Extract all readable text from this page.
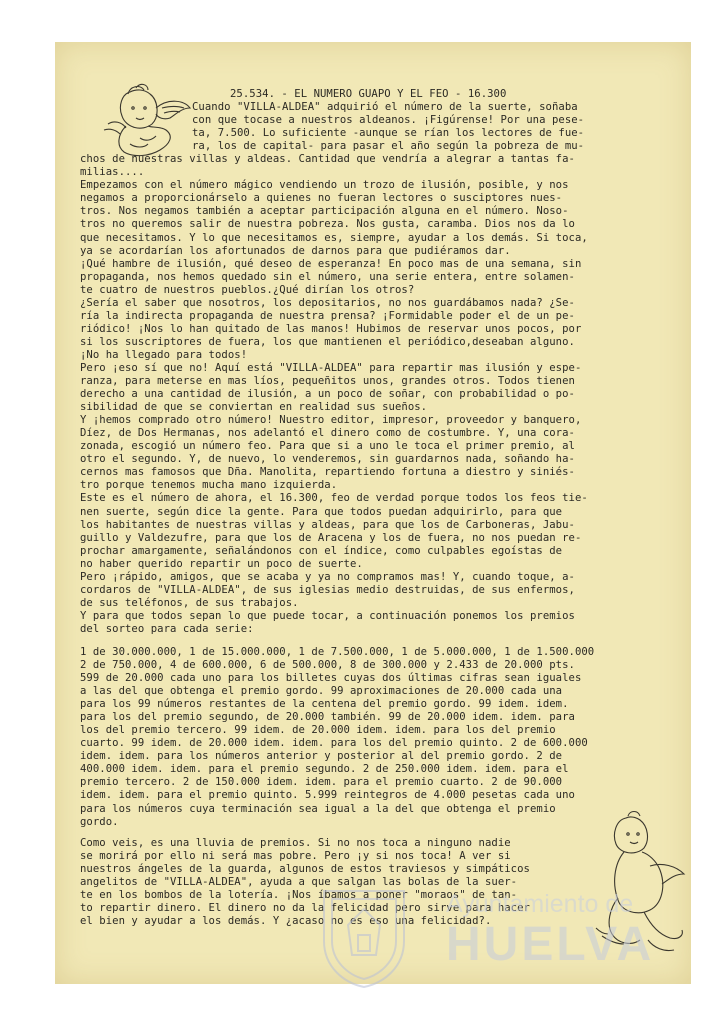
25.534. - EL NUMERO GUAPO Y EL FEO - 16.300
Cuando "VILLA-ALDEA" adquirió el número de la suerte, soñaba
con que tocase a nuestros aldeanos. ¡Figúrense! Por una pese-
ta, 7.500. Lo suficiente -aunque se rían los lectores de fue-
ra, los de capital- para pasar el año según la pobreza de mu-
chos de nuestras villas y aldeas. Cantidad que vendría a alegrar a tantas fa-
milias....
Empezamos con el número mágico vendiendo un trozo de ilusión, posible, y nos
negamos a proporcionárselo a quienes no fueran lectores o susciptores nues-
tros. Nos negamos también a aceptar participación alguna en el número. Noso-
tros no queremos salir de nuestra pobreza. Nos gusta, caramba. Dios nos da lo
que necesitamos. Y lo que necesitamos es, siempre, ayudar a los demás. Si toca,
ya se acordarían los afortunados de darnos para que pudiéramos dar.
¡Qué hambre de ilusión, qué deseo de esperanza! En poco mas de una semana, sin
propaganda, nos hemos quedado sin el número, una serie entera, entre solamen-
te cuatro de nuestros pueblos.¿Qué dirían los otros?
¿Sería el saber que nosotros, los depositarios, no nos guardábamos nada? ¿Se-
ría la indirecta propaganda de nuestra prensa? ¡Formidable poder el de un pe-
riódico! ¡Nos lo han quitado de las manos! Hubimos de reservar unos pocos, por
si los suscriptores de fuera, los que mantienen el periódico,deseaban alguno.
¡No ha llegado para todos!
Pero ¡eso sí que no! Aquí está "VILLA-ALDEA" para repartir mas ilusión y espe-
ranza, para meterse en mas líos, pequeñitos unos, grandes otros. Todos tienen
derecho a una cantidad de ilusión, a un poco de soñar, con probabilidad o po-
sibilidad de que se conviertan en realidad sus sueños.
Y ¡hemos comprado otro número! Nuestro editor, impresor, proveedor y banquero,
Díez, de Dos Hermanas, nos adelantó el dinero como de costumbre. Y, una cora-
zonada, escogió un número feo. Para que si a uno le toca el primer premio, al
otro el segundo. Y, de nuevo, lo venderemos, sin guardarnos nada, soñando ha-
cernos mas famosos que Dña. Manolita, repartiendo fortuna a diestro y siniés-
tro porque tenemos mucha mano izquierda.
Este es el número de ahora, el 16.300, feo de verdad porque todos los feos tie-
nen suerte, según dice la gente. Para que todos puedan adquirirlo, para que
los habitantes de nuestras villas y aldeas, para que los de Carboneras, Jabu-
guillo y Valdezufre, para que los de Aracena y los de fuera, no nos puedan re-
prochar amargamente, señalándonos con el índice, como culpables egoístas de
no haber querido repartir un poco de suerte.
Pero ¡rápido, amigos, que se acaba y ya no compramos mas! Y, cuando toque, a-
cordaros de "VILLA-ALDEA", de sus iglesias medio destruidas, de sus enfermos,
de sus teléfonos, de sus trabajos.
Y para que todos sepan lo que puede tocar, a continuación ponemos los premios
del sorteo para cada serie:
1 de 30.000.000, 1 de 15.000.000, 1 de 7.500.000, 1 de 5.000.000, 1 de 1.500.000
2 de 750.000, 4 de 600.000, 6 de 500.000, 8 de 300.000 y 2.433 de 20.000 pts.
599 de 20.000 cada uno para los billetes cuyas dos últimas cifras sean iguales
a las del que obtenga el premio gordo. 99 aproximaciones de 20.000 cada una
para los 99 números restantes de la centena del premio gordo. 99 idem. idem.
para los del premio segundo, de 20.000 también. 99 de 20.000 idem. idem. para
los del premio tercero. 99 idem. de 20.000 idem. idem. para los del premio
cuarto. 99 idem. de 20.000 idem. idem. para los del premio quinto. 2 de 600.000
idem. idem. para los números anterior y posterior al del premio gordo. 2 de
400.000 idem. idem. para el premio segundo. 2 de 250.000 idem. idem. para el
premio tercero. 2 de 150.000 idem. idem. para el premio cuarto. 2 de 90.000
idem. idem. para el premio quinto. 5.999 reintegros de 4.000 pesetas cada uno
para los números cuya terminación sea igual a la del que obtenga el premio
gordo.
Como veis, es una lluvia de premios. Si no nos toca a ninguno nadie
se morirá por ello ni será mas pobre. Pero ¡y si nos toca! A ver si
nuestros ángeles de la guarda, algunos de estos traviesos y simpáticos
angelitos de "VILLA-ALDEA", ayuda a que salgan las bolas de la suer-
te en los bombos de la lotería. ¡Nos íbamos a poner "moraos" de tan-
to repartir dinero. El dinero no da la felicidad pero sirve para hacer
el bien y ayudar a los demás. Y ¿acaso no es eso una felicidad?.
Ayuntamiento de
HUELVA
